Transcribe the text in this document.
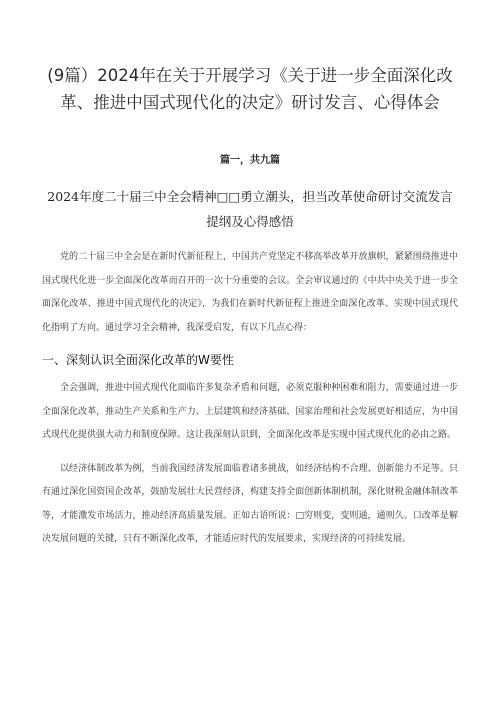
(9篇）2024年在关于开展学习《关于进一步全面深化改革、推进中国式现代化的决定》研讨发言、心得体会
篇一，共九篇
2024年度二十届三中全会精神□□勇立潮头，担当改革使命研讨交流发言提纲及心得感悟

党的二十届三中全会是在新时代新征程上，中国共产党坚定不移高举改革开放旗帜，紧紧围绕推进中国式现代化进一步全面深化改革而召开的一次十分重要的会议。全会审议通过的《中共中央关于进一步全面深化改革、推进中国式现代化的决定》，为我们在新时代新征程上推进全面深化改革、实现中国式现代化指明了方向。通过学习全会精神，我深受启发，有以下几点心得：

一、深刻认识全面深化改革的W要性

全会强调，推进中国式现代化面临许多复杂矛盾和问题，必须克服种种困难和阻力，需要通过进一步全面深化改革，推动生产关系和生产力、上层建筑和经济基础、国家治理和社会发展更好相适应，为中国式现代化提供强大动力和制度保障。这让我深刻认识到，全面深化改革是实现中国式现代化的必由之路。

以经济体制改革为例，当前我国经济发展面临着诸多挑战，如经济结构不合理、创新能力不足等。只有通过深化国资国企改革，鼓励发展壮大民营经济，构建支持全面创新体制机制，深化财税金融体制改革等，才能激发市场活力，推动经济高质量发展。正如古语所说：□穷则变，变则通，通则久。口改革是解决发展问题的关键，只有不断深化改革，才能适应时代的发展要求，实现经济的可持续发展。
